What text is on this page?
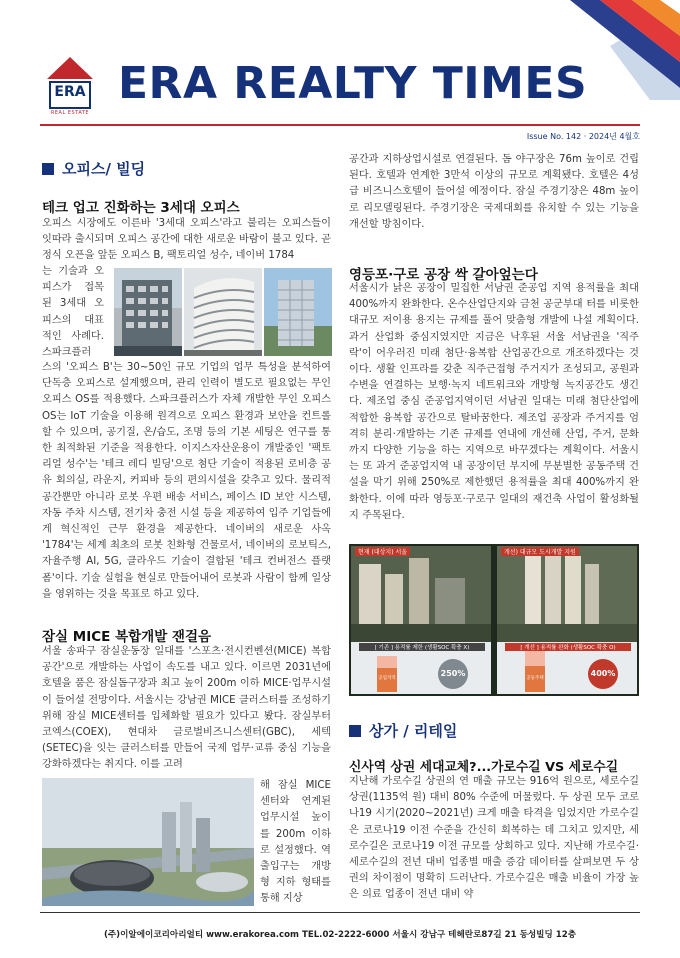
ERA
REAL ESTATE
ERA REALTY TIMES
Issue No. 142 · 2024년 4월호
오피스/ 빌딩
테크 업고 진화하는 3세대 오피스
오피스 시장에도 이른바 '3세대 오피스'라고 불리는 오피스들이 잇따라 출시되며 오피스 공간에 대한 새로운 바람이 불고 있다. 곧 정식 오픈을 앞둔 오피스 B, 팩토리얼 성수, 네이버 1784
는 기술과 오피스가 접목된 3세대 오피스의 대표적인 사례다. 스파크플러
스의 '오피스 B'는 30~50인 규모 기업의 업무 특성을 분석하여 단독층 오피스로 설계했으며, 관리 인력이 별도로 필요없는 무인 오피스 OS를 적용했다. 스파크플러스가 자체 개발한 무인 오피스 OS는 IoT 기술을 이용해 원격으로 오피스 환경과 보안을 컨트롤 할 수 있으며, 공기질, 온/습도, 조명 등의 기본 세팅은 연구를 통한 최적화된 기준을 적용한다. 이지스자산운용이 개발중인 '팩토리얼 성수'는 '테크 레디 빌딩'으로 첨단 기술이 적용된 로비층 공유 회의실, 라운지, 커피바 등의 편의시설을 갖추고 있다. 물리적 공간뿐만 아니라 로봇 우편 배송 서비스, 페이스 ID 보안 시스템, 자동 주차 시스템, 전기차 충전 시설 등을 제공하여 입주 기업들에게 혁신적인 근무 환경을 제공한다. 네이버의 새로운 사옥 '1784'는 세계 최초의 로봇 친화형 건물로서, 네이버의 로보틱스, 자율주행 AI, 5G, 클라우드 기술이 결합된 '테크 컨버전스 플랫폼'이다. 기술 실험을 현실로 만들어내어 로봇과 사람이 함께 일상을 영위하는 것을 목표로 하고 있다.
잠실 MICE 복합개발 잰걸음
서울 송파구 잠실운동장 일대를 '스포츠·전시컨벤션(MICE) 복합공간'으로 개발하는 사업이 속도를 내고 있다. 이르면 2031년에 호텔을 품은 잠실돔구장과 최고 높이 200m 이하 MICE·업무시설이 들어설 전망이다. 서울시는 강남권 MICE 클러스터를 조성하기 위해 잠실 MICE센터를 입체화할 필요가 있다고 봤다. 잠실부터 코엑스(COEX), 현대차 글로벌비즈니스센터(GBC), 세텍(SETEC)을 잇는 클러스터를 만들어 국제 업무·교류 중심 기능을 강화하겠다는 취지다. 이를 고려
해 잠실 MICE 센터와 연계된 업무시설 높이를 200m 이하로 설정했다. 역 출입구는 개방형 지하 형태를 통해 지상
공간과 지하상업시설로 연결된다. 돔 야구장은 76m 높이로 건립된다. 호텔과 연계한 3만석 이상의 규모로 계획됐다. 호텔은 4성급 비즈니스호텔이 들어설 예정이다. 잠실 주경기장은 48m 높이로 리모델링된다. 주경기장은 국제대회를 유치할 수 있는 기능을 개선할 방침이다.
영등포·구로 공장 싹 갈아엎는다
서울시가 낡은 공장이 밀집한 서남권 준공업 지역 용적률을 최대 400%까지 완화한다. 온수산업단지와 금천 공군부대 터를 비롯한 대규모 저이용 용지는 규제를 풀어 맞춤형 개발에 나설 계획이다. 과거 산업화 중심지였지만 지금은 낙후된 서울 서남권을 '직주락'이 어우러진 미래 첨단·융복합 산업공간으로 개조하겠다는 것이다. 생활 인프라를 갖춘 직주근접형 주거지가 조성되고, 공원과 수변을 연결하는 보행·녹지 네트워크와 개방형 녹지공간도 생긴다. 제조업 중심 준공업지역이던 서남권 일대는 미래 첨단산업에 적합한 융복합 공간으로 탈바꿈한다. 제조업 공장과 주거지를 엄격히 분리·개발하는 기존 규제를 연내에 개선해 산업, 주거, 문화까지 다양한 기능을 하는 지역으로 바꾸겠다는 계획이다. 서울시는 또 과거 준공업지역 내 공장이던 부지에 무분별한 공동주택 건설을 막기 위해 250%로 제한했던 용적률을 최대 400%까지 완화한다. 이에 따라 영등포·구로구 일대의 재건축 사업이 활성화될지 주목된다.
현재 (대상지) 서울	개선) 대규모 도시개발 지원
[ 기존 ] 용적률 제한 (생활SOC 확충 X)	[ 개선 ] 용적률 완화 (생활SOC 확충 O)
공업지역	공동주택
250%	400%
상가 / 리테일
신사역 상권 세대교체?...가로수길 VS 세로수길
지난해 가로수길 상권의 연 매출 규모는 916억 원으로, 세로수길 상권(1135억 원) 대비 80% 수준에 머물렀다. 두 상권 모두 코로나19 시기(2020~2021년) 크게 매출 타격을 입었지만 가로수길은 코로나19 이전 수준을 간신히 회복하는 데 그치고 있지만, 세로수길은 코로나19 이전 규모를 상회하고 있다. 지난해 가로수길·세로수길의 전년 대비 업종별 매출 증감 데이터를 살펴보면 두 상권의 차이점이 명확히 드러난다. 가로수길은 매출 비율이 가장 높은 의료 업종이 전년 대비 약
(주)이알에이코리아리얼티 www.erakorea.com TEL.02-2222-6000 서울시 강남구 테헤란로87길 21 동성빌딩 12층
